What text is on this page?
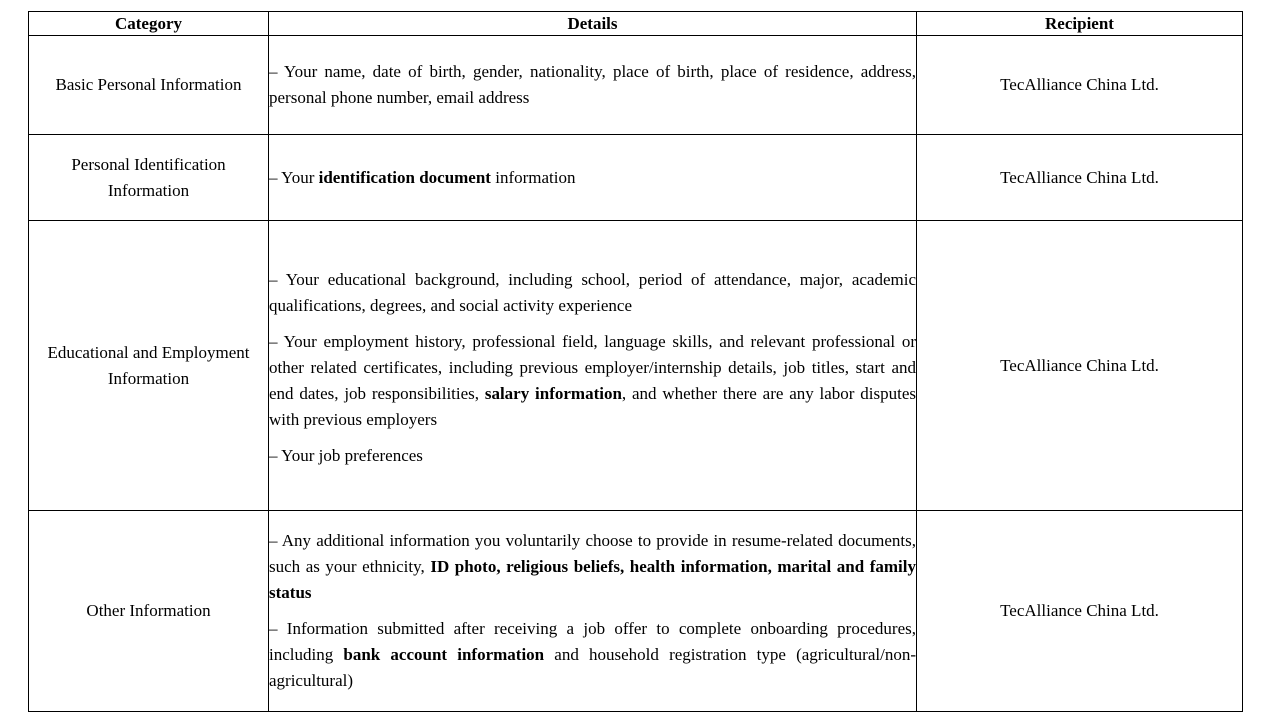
Category	Details	Recipient
Basic Personal Information	– Your name, date of birth, gender, nationality, place of birth, place of residence, address, personal phone number, email address	TecAlliance China Ltd.
Personal Identification Information	– Your identification document information	TecAlliance China Ltd.
Educational and Employment Information	– Your educational background, including school, period of attendance, major, academic qualifications, degrees, and social activity experience

– Your employment history, professional field, language skills, and relevant professional or other related certificates, including previous employer/internship details, job titles, start and end dates, job responsibilities, salary information, and whether there are any labor disputes with previous employers

– Your job preferences	TecAlliance China Ltd.
Other Information	– Any additional information you voluntarily choose to provide in resume-related documents, such as your ethnicity, ID photo, religious beliefs, health information, marital and family status

– Information submitted after receiving a job offer to complete onboarding procedures, including bank account information and household registration type (agricultural/non-agricultural)	TecAlliance China Ltd.
